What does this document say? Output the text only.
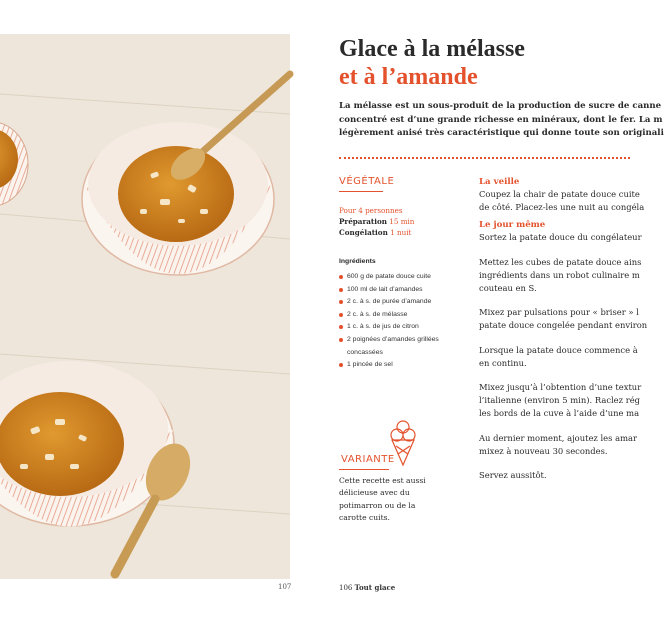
107
Glace à la mélasse
et à l’amande
La mélasse est un sous-produit de la production de sucre de canne
concentré est d’une grande richesse en minéraux, dont le fer. La m
légèrement anisé très caractéristique qui donne toute son originali
VÉGÉTALE
Pour 4 personnes
Préparation 15 min
Congélation 1 nuit
Ingrédients
600 g de patate douce cuite
100 ml de lait d’amandes
2 c. à s. de purée d’amande
2 c. à s. de mélasse
1 c. à s. de jus de citron
2 poignées d’amandes grillées concassées
1 pincée de sel
VARIANTE
Cette recette est aussi délicieuse avec du potimarron ou de la carotte cuits.
La veille
Coupez la chair de patate douce cuite
de côté. Placez-les une nuit au congéla
Le jour même
Sortez la patate douce du congélateur
Mettez les cubes de patate douce ains
ingrédients dans un robot culinaire m
couteau en S.
Mixez par pulsations pour « briser » l
patate douce congelée pendant environ
Lorsque la patate douce commence à
en continu.
Mixez jusqu’à l’obtention d’une textur
l’italienne (environ 5 min). Raclez rég
les bords de la cuve à l’aide d’une ma
Au dernier moment, ajoutez les amar
mixez à nouveau 30 secondes.
Servez aussitôt.
106 Tout glace
